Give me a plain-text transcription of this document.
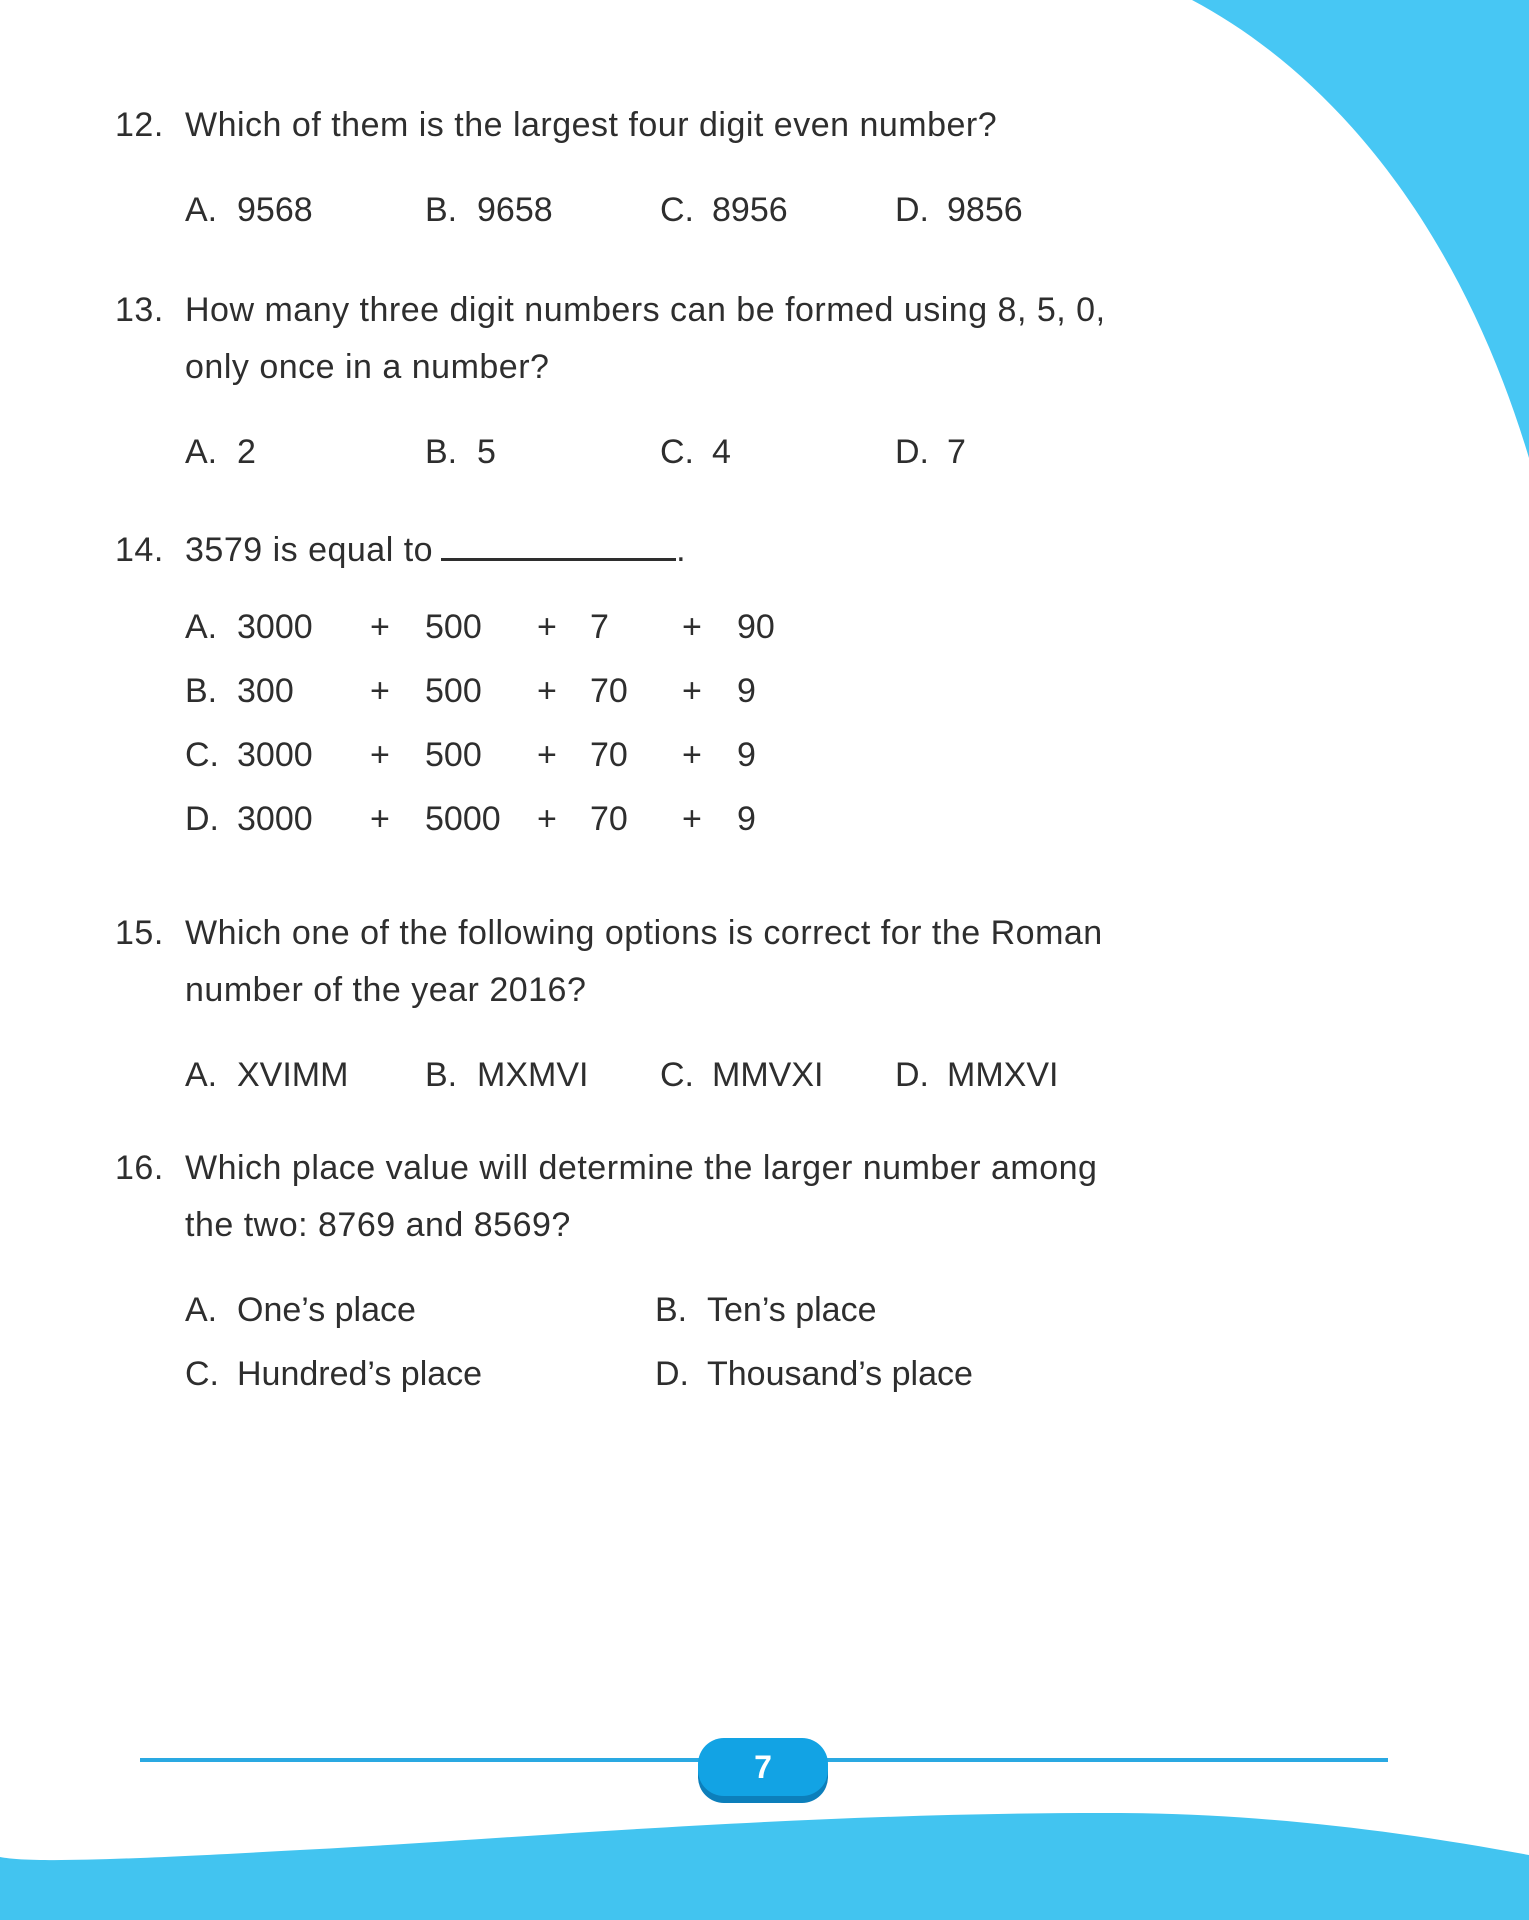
12. Which of them is the largest four digit even number?

A. 9568	B. 9658	C. 8956	D. 9856
13. How many three digit numbers can be formed using 8, 5, 0,

only once in a number?

A. 2	B. 5	C. 4	D. 7
14. 3579 is equal to	.

A. 3000	+	500	+ 7	+	90
B. 300	+	500	+ 70	+	9
C. 3000	+	500	+ 70	+	9
D. 3000	+	5000	+ 70	+	9
15. Which one of the following options is correct for the Roman

number of the year 2016?

A. XVIMM	B. MXMVI	C. MMVXI	D. MMXVI
16. Which place value will determine the larger number among

the two: 8769 and 8569?

A. One’s place	B. Ten’s place
C. Hundred’s place	D. Thousand’s place
7
